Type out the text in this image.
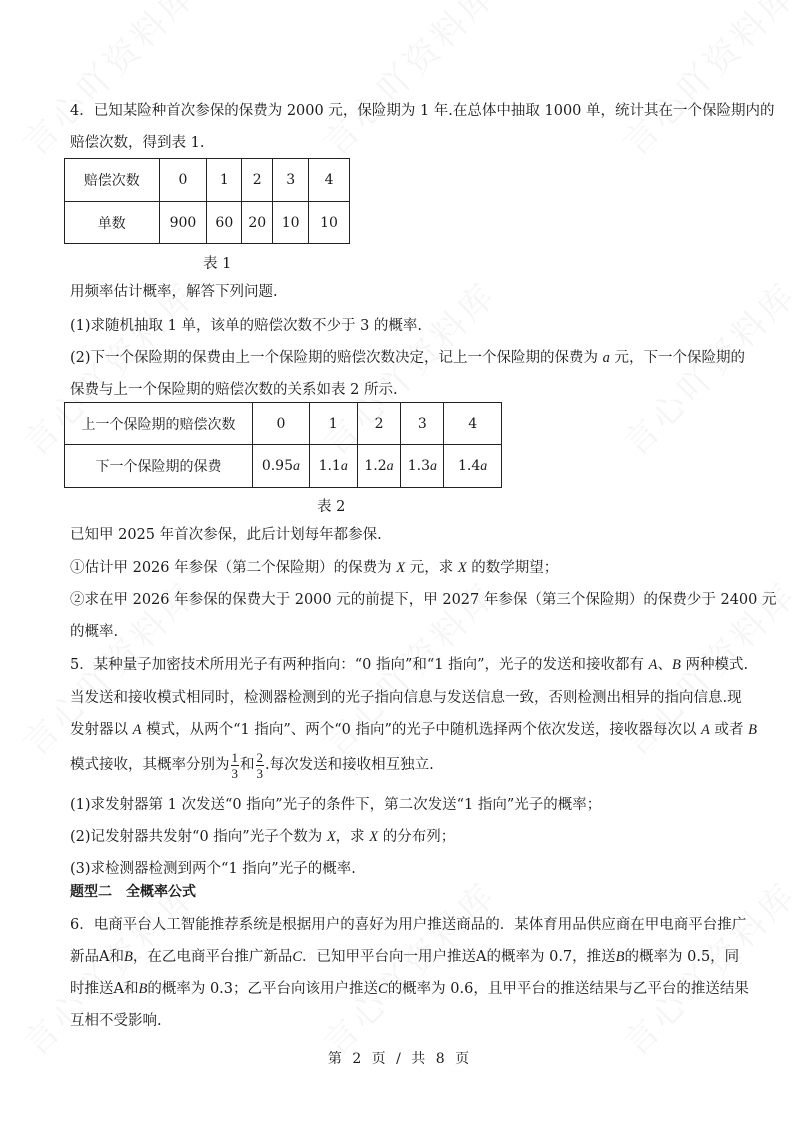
4．已知某险种首次参保的保费为 2000 元，保险期为 1 年.在总体中抽取 1000 单，统计其在一个保险期内的
赔偿次数，得到表 1.
赔偿次数	0	1	2	3	4
单数	900	60	20	10	10
表 1
用频率估计概率，解答下列问题.
(1)求随机抽取 1 单，该单的赔偿次数不少于 3 的概率.
(2)下一个保险期的保费由上一个保险期的赔偿次数决定，记上一个保险期的保费为 a 元，下一个保险期的
保费与上一个保险期的赔偿次数的关系如表 2 所示.
上一个保险期的赔偿次数	0	1	2	3	4
下一个保险期的保费	0.95a	1.1a	1.2a	1.3a	1.4a
表 2
已知甲 2025 年首次参保，此后计划每年都参保.
①估计甲 2026 年参保（第二个保险期）的保费为 X 元，求 X 的数学期望；
②求在甲 2026 年参保的保费大于 2000 元的前提下，甲 2027 年参保（第三个保险期）的保费少于 2400 元
的概率.
5．某种量子加密技术所用光子有两种指向：“0 指向”和“1 指向”，光子的发送和接收都有 A、B 两种模式.
当发送和接收模式相同时，检测器检测到的光子指向信息与发送信息一致，否则检测出相异的指向信息.现
发射器以 A 模式，从两个“1 指向”、两个“0 指向”的光子中随机选择两个依次发送，接收器每次以 A 或者 B
模式接收，其概率分别为 $\frac{1}{3}$ 和 $\frac{2}{3}$ .每次发送和接收相互独立.
(1)求发射器第 1 次发送“0 指向”光子的条件下，第二次发送“1 指向”光子的概率；
(2)记发射器共发射“0 指向”光子个数为 X，求 X 的分布列；
(3)求检测器检测到两个“1 指向”光子的概率.
题型二　全概率公式
6．电商平台人工智能推荐系统是根据用户的喜好为用户推送商品的．某体育用品供应商在甲电商平台推广
新品A和B，在乙电商平台推广新品C．已知甲平台向一用户推送A的概率为 0.7，推送B的概率为 0.5，同
时推送A和B的概率为 0.3；乙平台向该用户推送C的概率为 0.6，且甲平台的推送结果与乙平台的推送结果
互相不受影响.
第 2 页 / 共 8 页
